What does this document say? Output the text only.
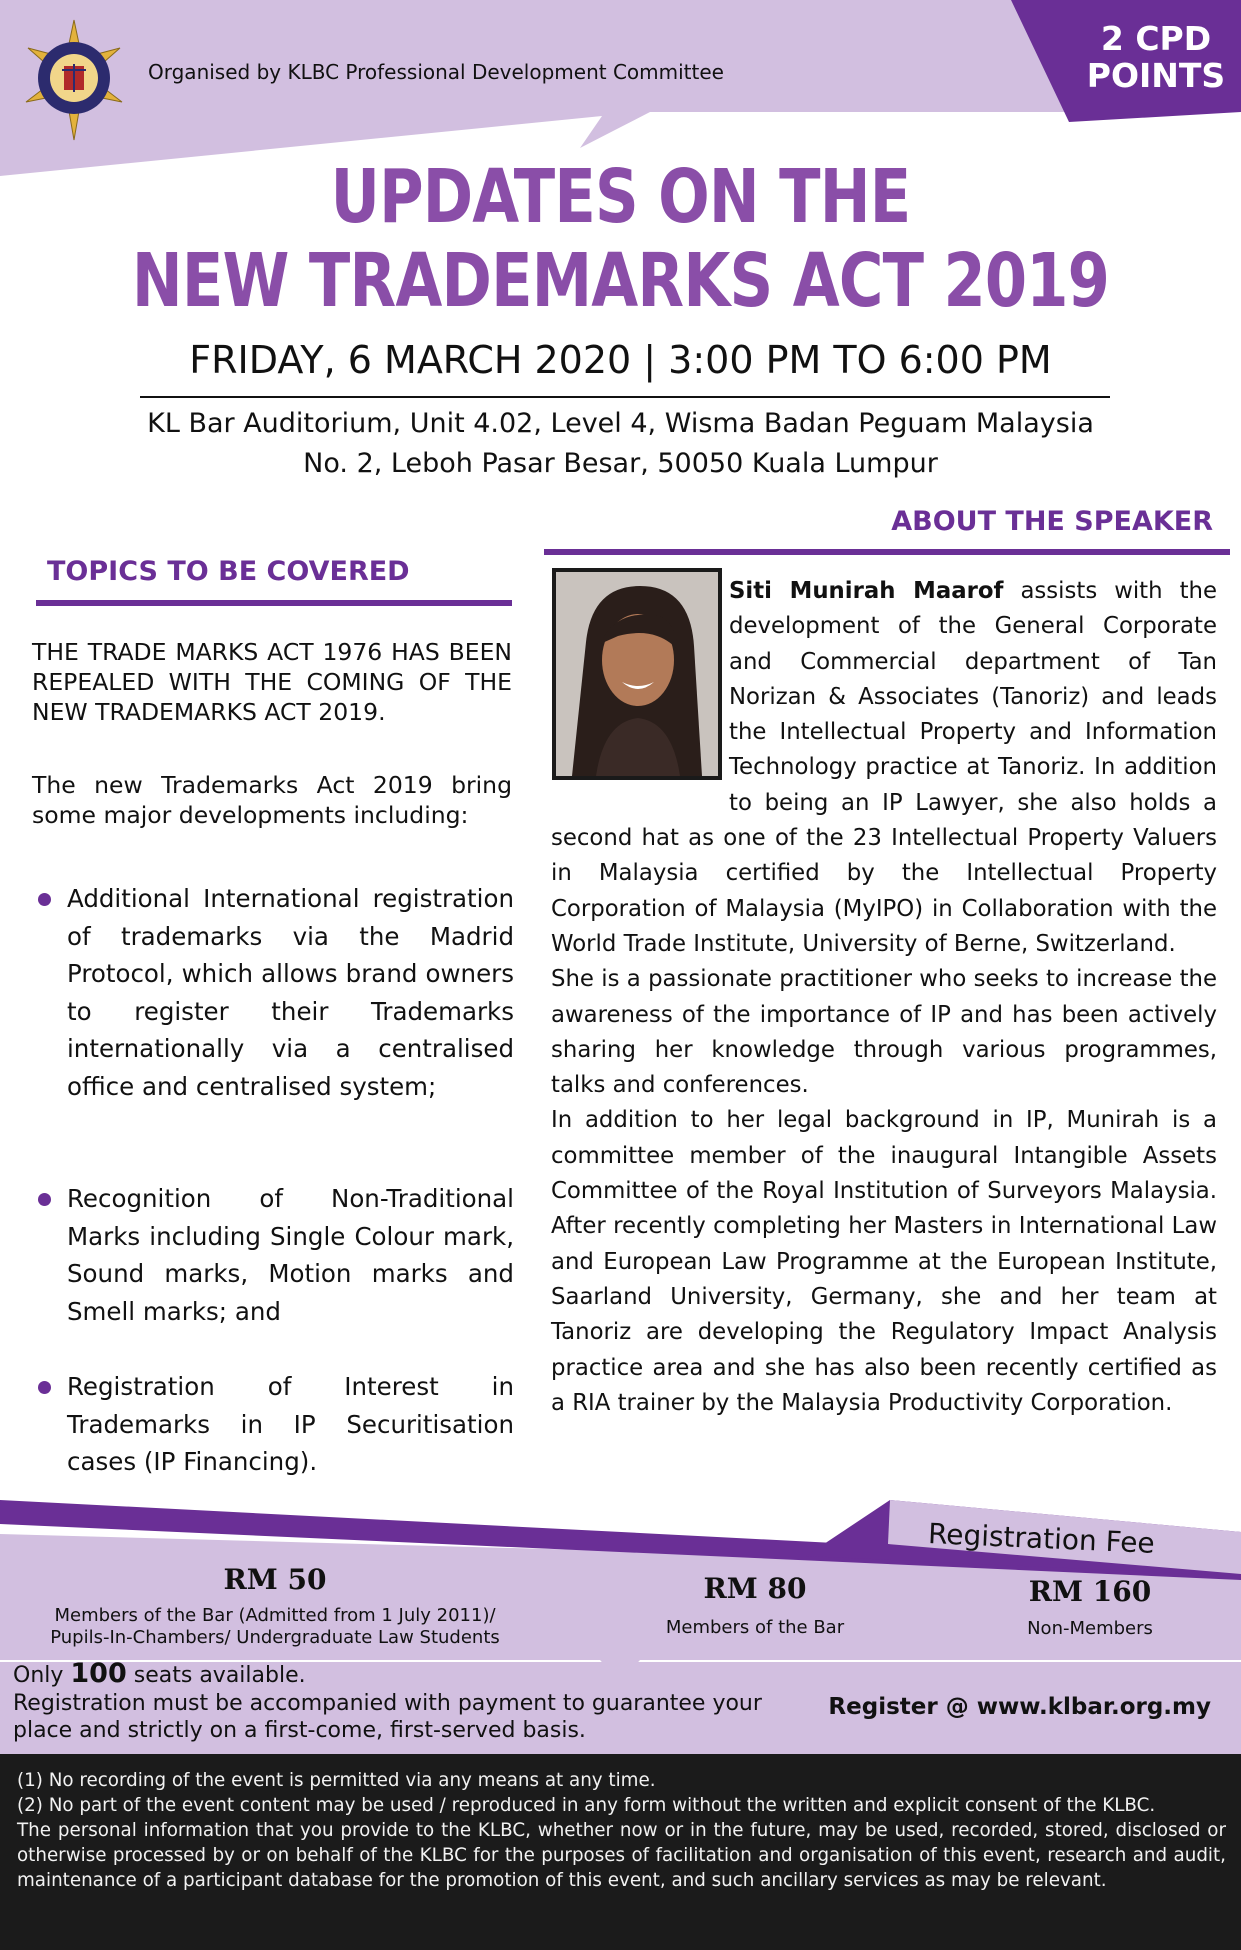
Organised by KLBC Professional Development Committee
2 CPD
POINTS
UPDATES ON THE
NEW TRADEMARKS ACT 2019
FRIDAY, 6 MARCH 2020 | 3:00 PM TO 6:00 PM
KL Bar Auditorium, Unit 4.02, Level 4, Wisma Badan Peguam Malaysia
No. 2, Leboh Pasar Besar, 50050 Kuala Lumpur
ABOUT THE SPEAKER
TOPICS TO BE COVERED
THE TRADE MARKS ACT 1976 HAS BEEN REPEALED WITH THE COMING OF THE NEW TRADEMARKS ACT 2019.
The new Trademarks Act 2019 bring some major developments including:
Additional International registration of trademarks via the Madrid Protocol, which allows brand owners to register their Trademarks internationally via a centralised office and centralised system;
Recognition of Non-Traditional Marks including Single Colour mark, Sound marks, Motion marks and Smell marks; and
Registration of Interest in Trademarks in IP Securitisation cases (IP Financing).

Siti Munirah Maarof assists with the development of the General Corporate and Commercial department of Tan Norizan & Associates (Tanoriz) and leads the Intellectual Property and Information Technology practice at Tanoriz. In addition to being an IP Lawyer, she also holds a second hat as one of the 23 Intellectual Property Valuers in Malaysia certified by the Intellectual Property Corporation of Malaysia (MyIPO) in Collaboration with the World Trade Institute, University of Berne, Switzerland.

She is a passionate practitioner who seeks to increase the awareness of the importance of IP and has been actively sharing her knowledge through various programmes, talks and conferences.

In addition to her legal background in IP, Munirah is a committee member of the inaugural Intangible Assets Committee of the Royal Institution of Surveyors Malaysia. After recently completing her Masters in International Law and European Law Programme at the European Institute, Saarland University, Germany, she and her team at Tanoriz are developing the Regulatory Impact Analysis practice area and she has also been recently certified as a RIA trainer by the Malaysia Productivity Corporation.

Registration Fee
RM 50
Members of the Bar (Admitted from 1 July 2011)/
Pupils-In-Chambers/ Undergraduate Law Students
RM 80
Members of the Bar
RM 160
Non-Members
Only 100 seats available.
Registration must be accompanied with payment to guarantee your place and strictly on a first-come, first-served basis.
Register @ www.klbar.org.my

(1) No recording of the event is permitted via any means at any time.

(2) No part of the event content may be used / reproduced in any form without the written and explicit consent of the KLBC.

The personal information that you provide to the KLBC, whether now or in the future, may be used, recorded, stored, disclosed or otherwise processed by or on behalf of the KLBC for the purposes of facilitation and organisation of this event, research and audit, maintenance of a participant database for the promotion of this event, and such ancillary services as may be relevant.
